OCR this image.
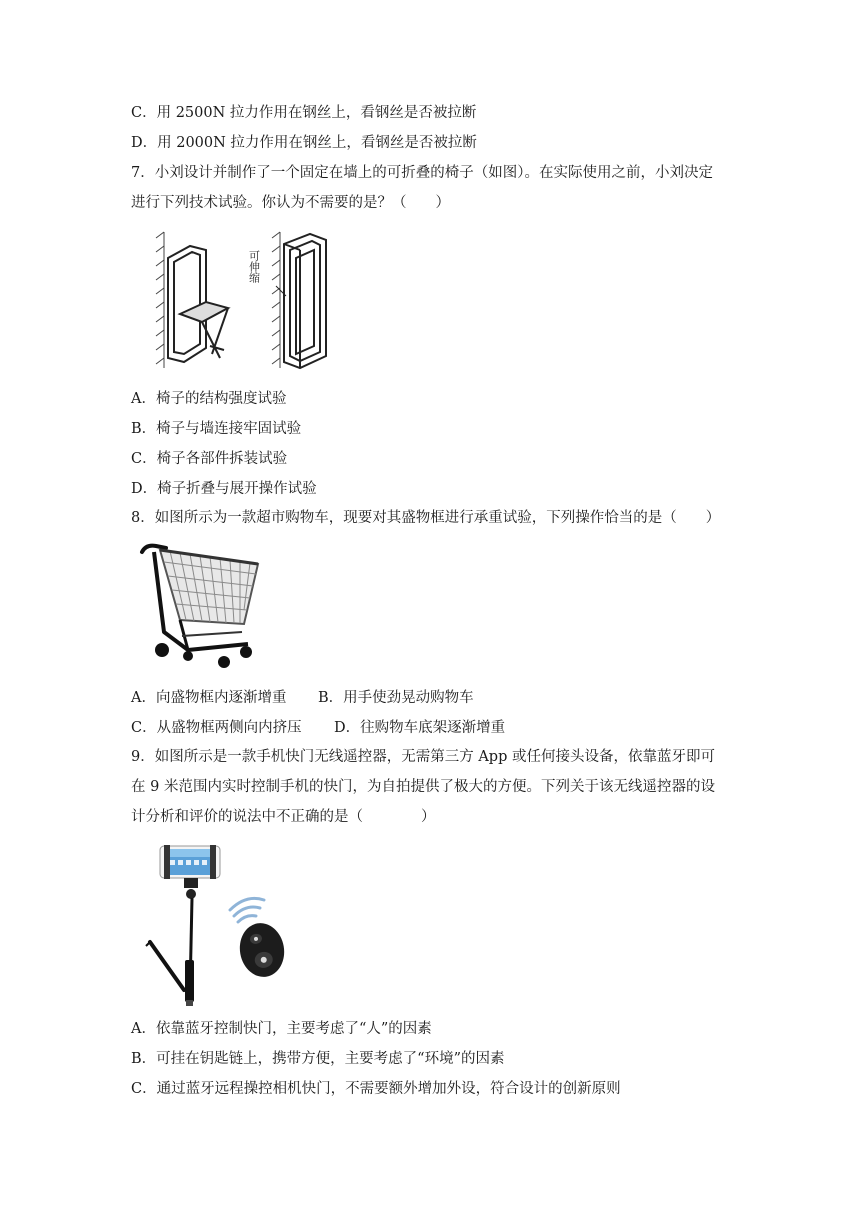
C．用 2500N 拉力作用在钢丝上，看钢丝是否被拉断
D．用 2000N 拉力作用在钢丝上，看钢丝是否被拉断
7．小刘设计并制作了一个固定在墙上的可折叠的椅子（如图）。在实际使用之前，小刘决定
进行下列技术试验。你认为不需要的是？（　　）
可伸缩
A．椅子的结构强度试验
B．椅子与墙连接牢固试验
C．椅子各部件拆装试验
D．椅子折叠与展开操作试验
8．如图所示为一款超市购物车，现要对其盛物框进行承重试验，下列操作恰当的是（　　）
A．向盛物框内逐渐增重 B．用手使劲晃动购物车
C．从盛物框两侧向内挤压 D．往购物车底架逐渐增重
9．如图所示是一款手机快门无线遥控器，无需第三方 App 或任何接头设备，依靠蓝牙即可
在 9 米范围内实时控制手机的快门，为自拍提供了极大的方便。下列关于该无线遥控器的设
计分析和评价的说法中不正确的是（　　　　）
A．依靠蓝牙控制快门，主要考虑了“人”的因素
B．可挂在钥匙链上，携带方便，主要考虑了“环境”的因素
C．通过蓝牙远程操控相机快门，不需要额外增加外设，符合设计的创新原则
